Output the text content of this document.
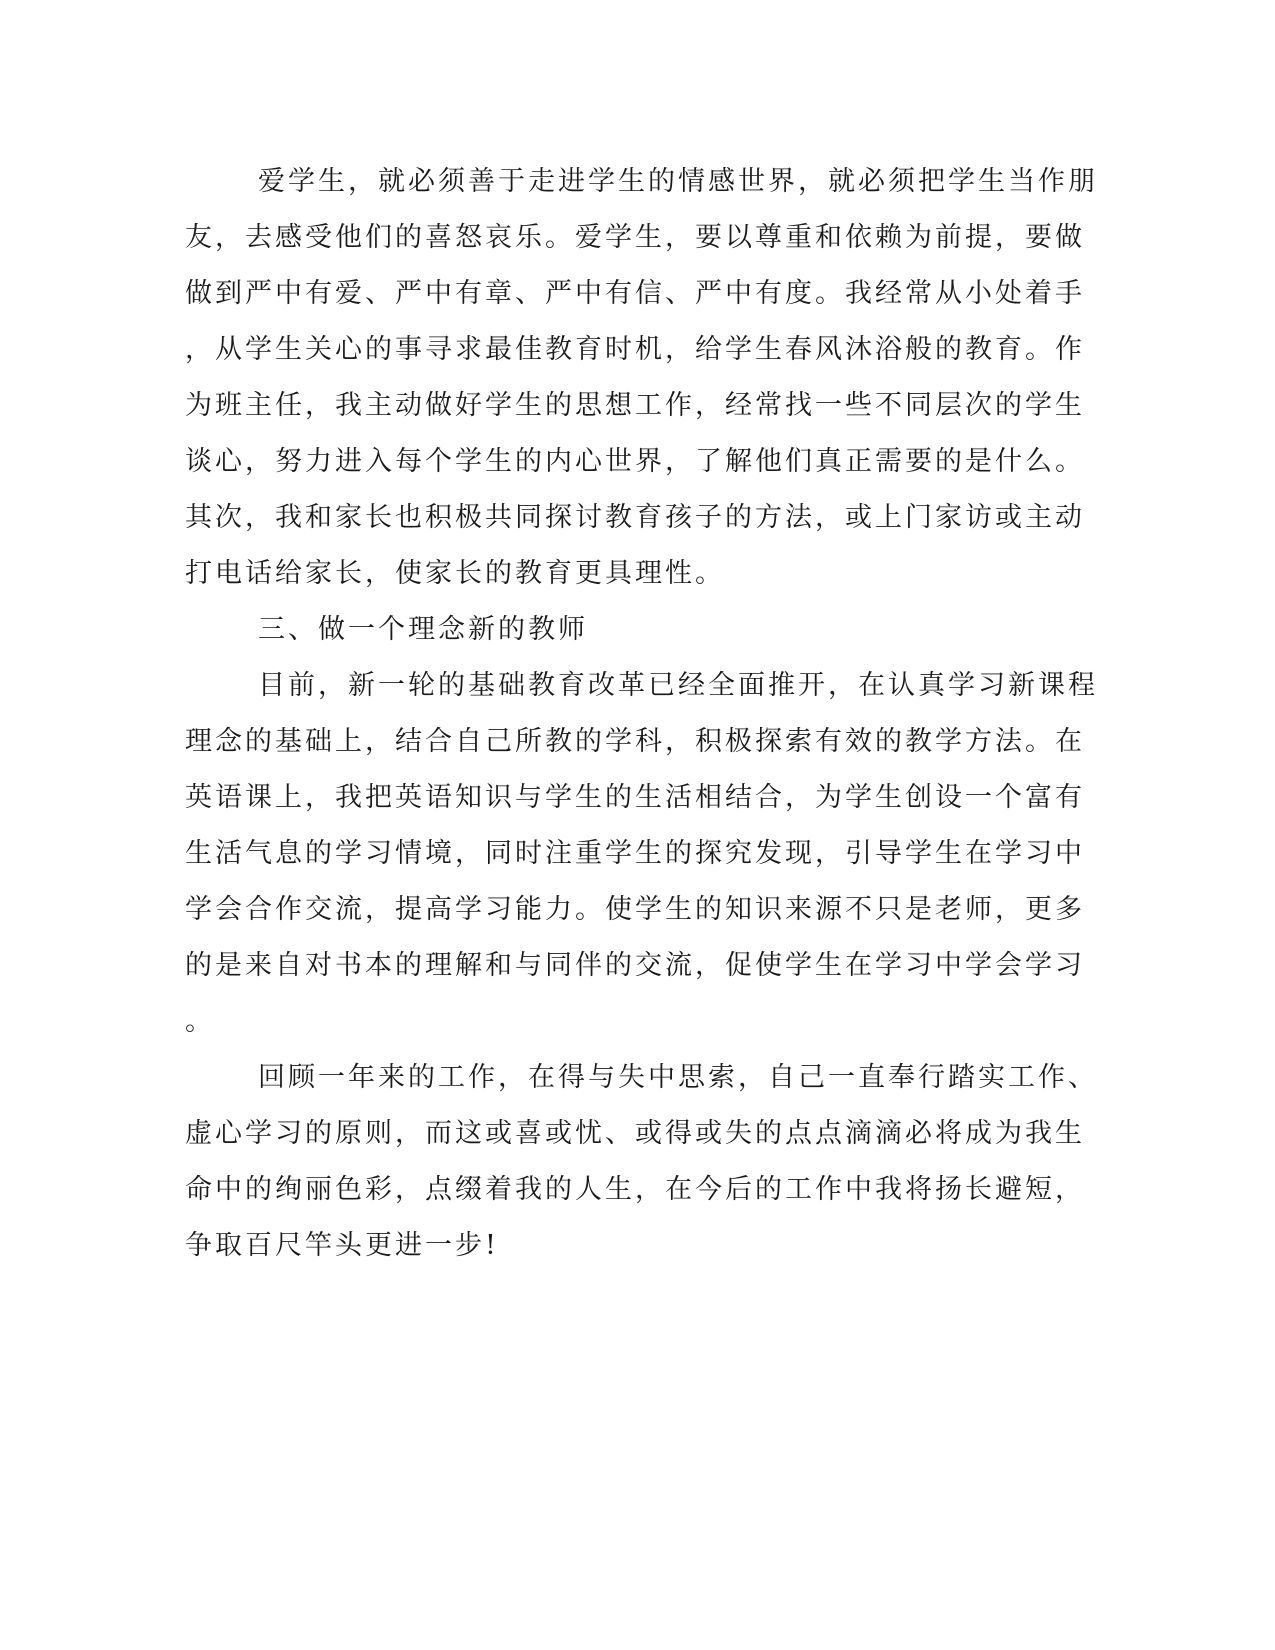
爱学生，就必须善于走进学生的情感世界，就必须把学生当作朋
友，去感受他们的喜怒哀乐。爱学生，要以尊重和依赖为前提，要做
做到严中有爱、严中有章、严中有信、严中有度。我经常从小处着手
，从学生关心的事寻求最佳教育时机，给学生春风沐浴般的教育。作
为班主任，我主动做好学生的思想工作，经常找一些不同层次的学生
谈心，努力进入每个学生的内心世界，了解他们真正需要的是什么。
其次，我和家长也积极共同探讨教育孩子的方法，或上门家访或主动
打电话给家长，使家长的教育更具理性。
三、做一个理念新的教师
目前，新一轮的基础教育改革已经全面推开，在认真学习新课程
理念的基础上，结合自己所教的学科，积极探索有效的教学方法。在
英语课上，我把英语知识与学生的生活相结合，为学生创设一个富有
生活气息的学习情境，同时注重学生的探究发现，引导学生在学习中
学会合作交流，提高学习能力。使学生的知识来源不只是老师，更多
的是来自对书本的理解和与同伴的交流，促使学生在学习中学会学习
。
回顾一年来的工作，在得与失中思索，自己一直奉行踏实工作、
虚心学习的原则，而这或喜或忧、或得或失的点点滴滴必将成为我生
命中的绚丽色彩，点缀着我的人生，在今后的工作中我将扬长避短，
争取百尺竿头更进一步!
